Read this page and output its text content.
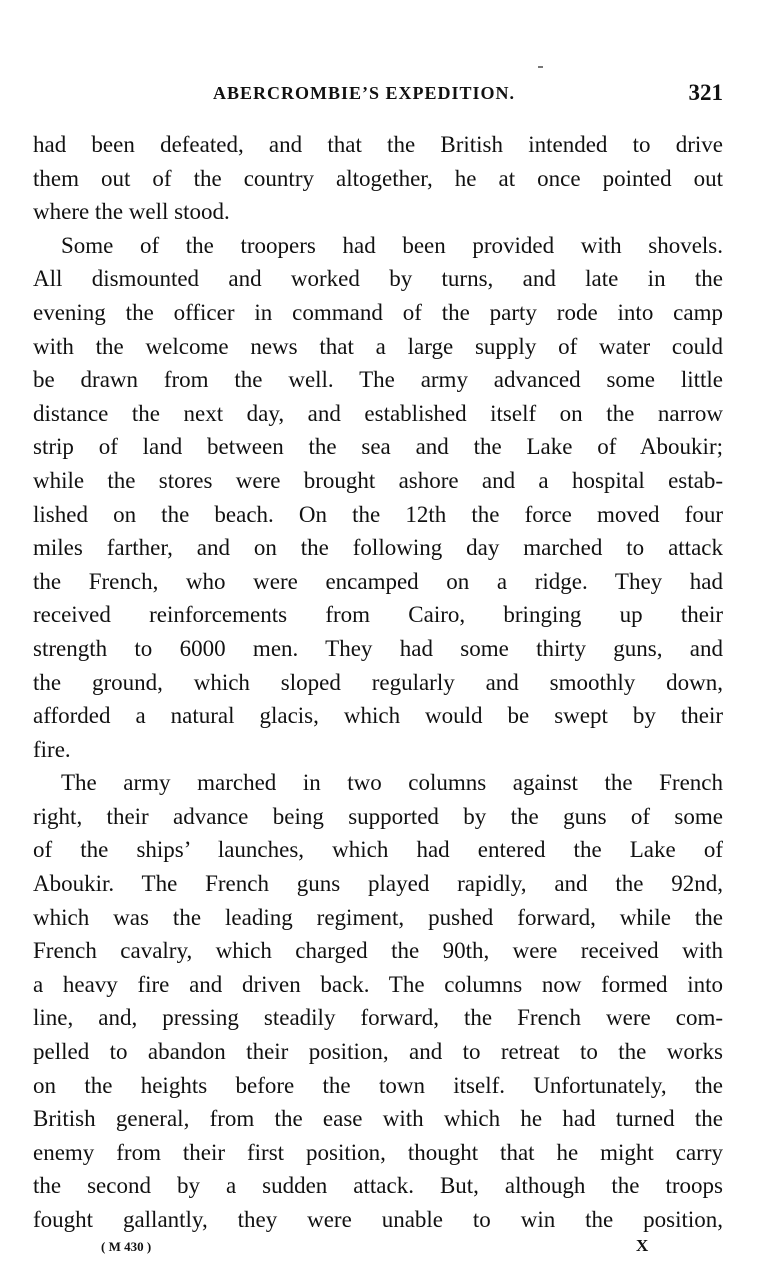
ABERCROMBIE’S EXPEDITION.	321
had been defeated, and that the British intended to drive
them out of the country altogether, he at once pointed out
where the well stood.
Some of the troopers had been provided with shovels.
All dismounted and worked by turns, and late in the
evening the officer in command of the party rode into camp
with the welcome news that a large supply of water could
be drawn from the well. The army advanced some little
distance the next day, and established itself on the narrow
strip of land between the sea and the Lake of Aboukir;
while the stores were brought ashore and a hospital estab-
lished on the beach. On the 12th the force moved four
miles farther, and on the following day marched to attack
the French, who were encamped on a ridge. They had
received reinforcements from Cairo, bringing up their
strength to 6000 men. They had some thirty guns, and
the ground, which sloped regularly and smoothly down,
afforded a natural glacis, which would be swept by their
fire.
The army marched in two columns against the French
right, their advance being supported by the guns of some
of the ships’ launches, which had entered the Lake of
Aboukir. The French guns played rapidly, and the 92nd,
which was the leading regiment, pushed forward, while the
French cavalry, which charged the 90th, were received with
a heavy fire and driven back. The columns now formed into
line, and, pressing steadily forward, the French were com-
pelled to abandon their position, and to retreat to the works
on the heights before the town itself. Unfortunately, the
British general, from the ease with which he had turned the
enemy from their first position, thought that he might carry
the second by a sudden attack. But, although the troops
fought gallantly, they were unable to win the position,
( M 430 )	X
